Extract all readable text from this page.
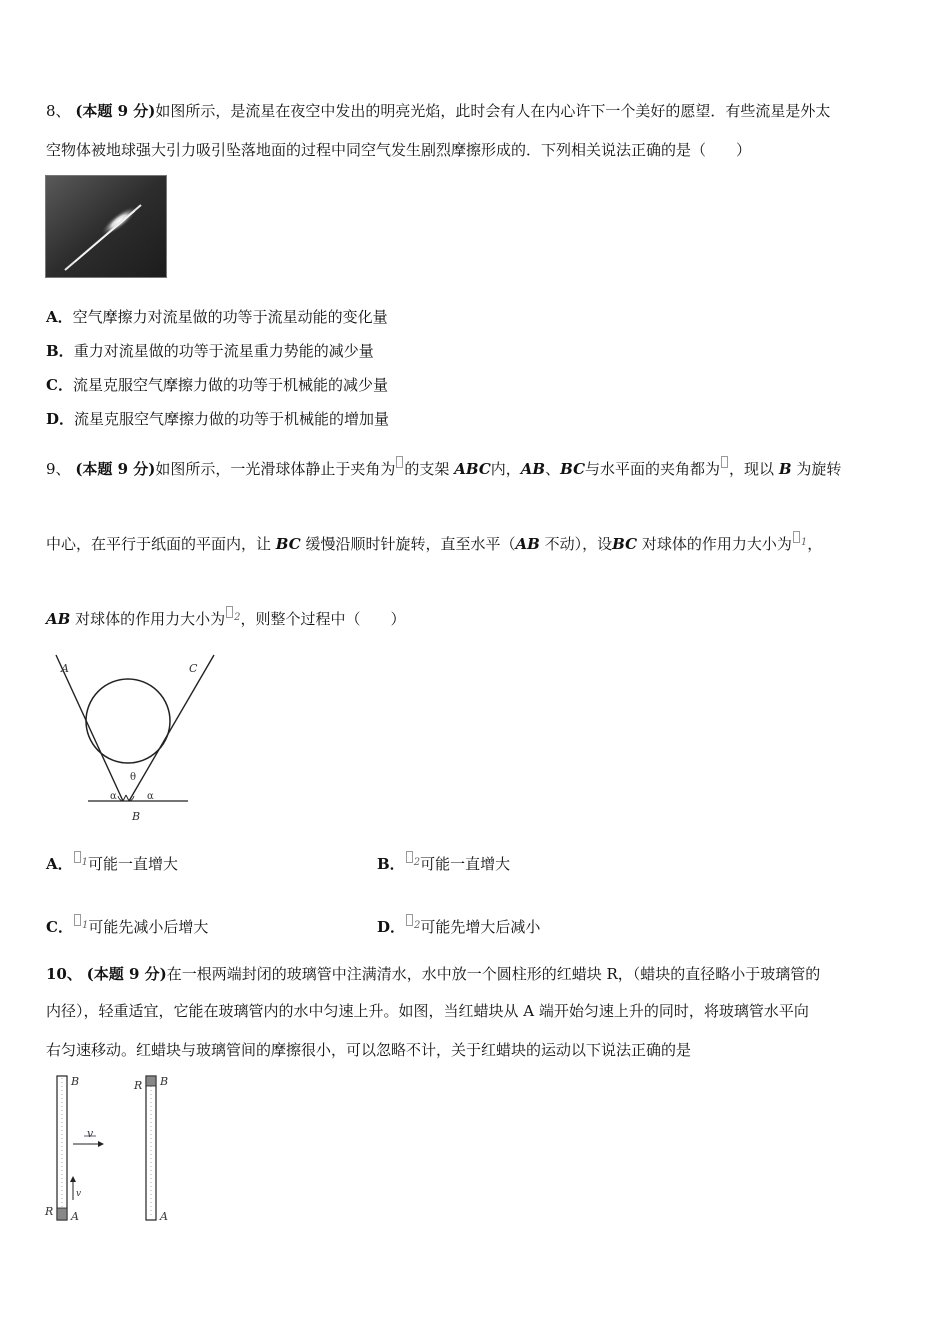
8、 (本题 9 分)如图所示，是流星在夜空中发出的明亮光焰，此时会有人在内心许下一个美好的愿望．有些流星是外太
空物体被地球强大引力吸引坠落地面的过程中同空气发生剧烈摩擦形成的．下列相关说法正确的是（　　）
A．空气摩擦力对流星做的功等于流星动能的变化量
B．重力对流星做的功等于流星重力势能的减少量
C．流星克服空气摩擦力做的功等于机械能的减少量
D．流星克服空气摩擦力做的功等于机械能的增加量
9、 (本题 9 分)如图所示，一光滑球体静止于夹角为 的支架 ABC内，AB、BC与水平面的夹角都为 ，现以 B 为旋转
中心，在平行于纸面的平面内，让 BC 缓慢沿顺时针旋转，直至水平（AB 不动），设BC 对球体的作用力大小为 $^1$，
AB 对球体的作用力大小为 $^2$，则整个过程中（　　）
A	C
B
θ
α	α
A． $^1$可能一直增大	B． $^2$可能一直增大
C． $^1$可能先减小后增大	D． $^2$可能先增大后减小
10、 (本题 9 分)在一根两端封闭的玻璃管中注满清水，水中放一个圆柱形的红蜡块 R，（蜡块的直径略小于玻璃管的
内径），轻重适宜，它能在玻璃管内的水中匀速上升。如图，当红蜡块从 A 端开始匀速上升的同时，将玻璃管水平向
右匀速移动。红蜡块与玻璃管间的摩擦很小，可以忽略不计，关于红蜡块的运动以下说法正确的是
B
A
R
v
v
B
A
R
